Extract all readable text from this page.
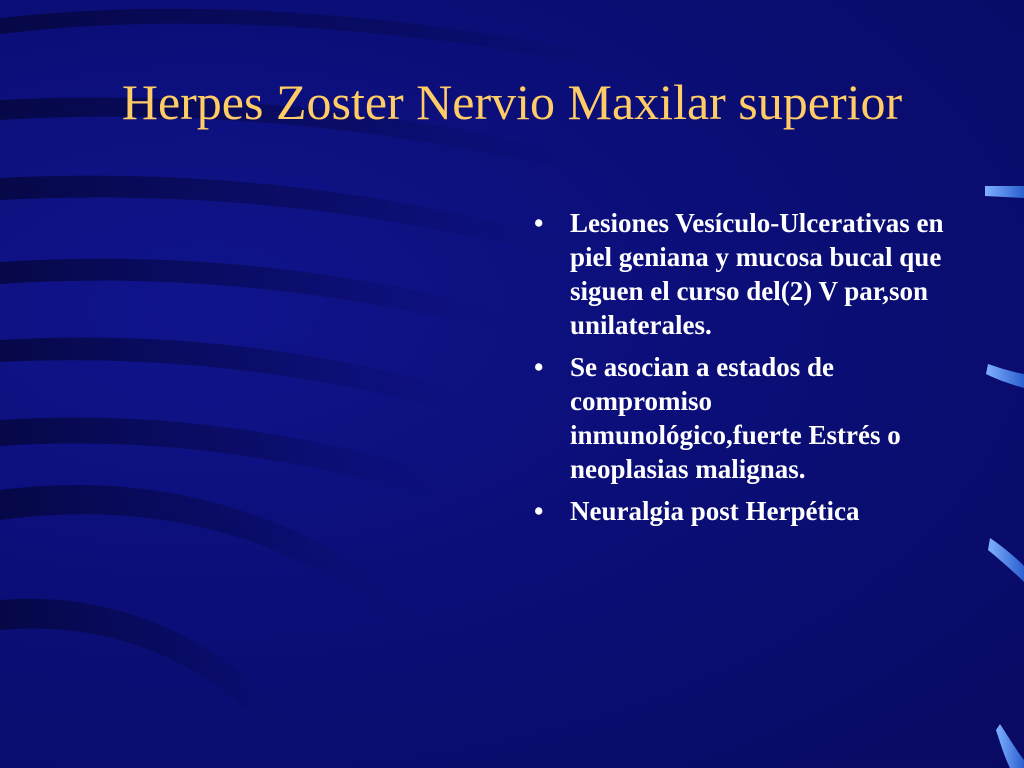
Herpes Zoster Nervio Maxilar superior
• Lesiones Vesículo-Ulcerativas en piel geniana y mucosa bucal que siguen el curso del(2) V par,son unilaterales.
• Se asocian a estados de compromiso inmunológico,fuerte Estrés o neoplasias malignas.
• Neuralgia post Herpética
